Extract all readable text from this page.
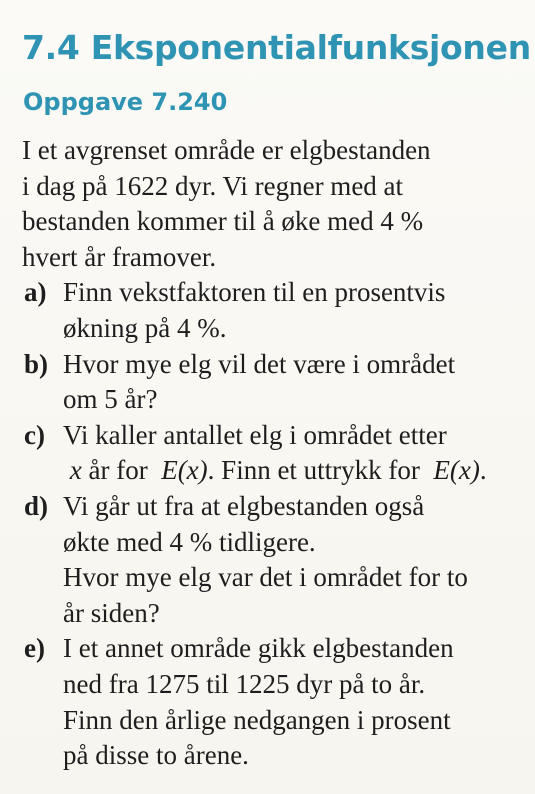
7.4 Eksponentialfunksjonen
Oppgave 7.240
I et avgrenset område er elgbestanden
i dag på 1622 dyr. Vi regner med at
bestanden kommer til å øke med 4 %
hvert år framover.
a) Finn vekstfaktoren til en prosentvis
økning på 4 %.
b) Hvor mye elg vil det være i området
om 5 år?
c) Vi kaller antallet elg i området etter
x år for  E(x). Finn et uttrykk for  E(x).
d) Vi går ut fra at elgbestanden også
økte med 4 % tidligere.
Hvor mye elg var det i området for to
år siden?
e) I et annet område gikk elgbestanden
ned fra 1275 til 1225 dyr på to år.
Finn den årlige nedgangen i prosent
på disse to årene.
